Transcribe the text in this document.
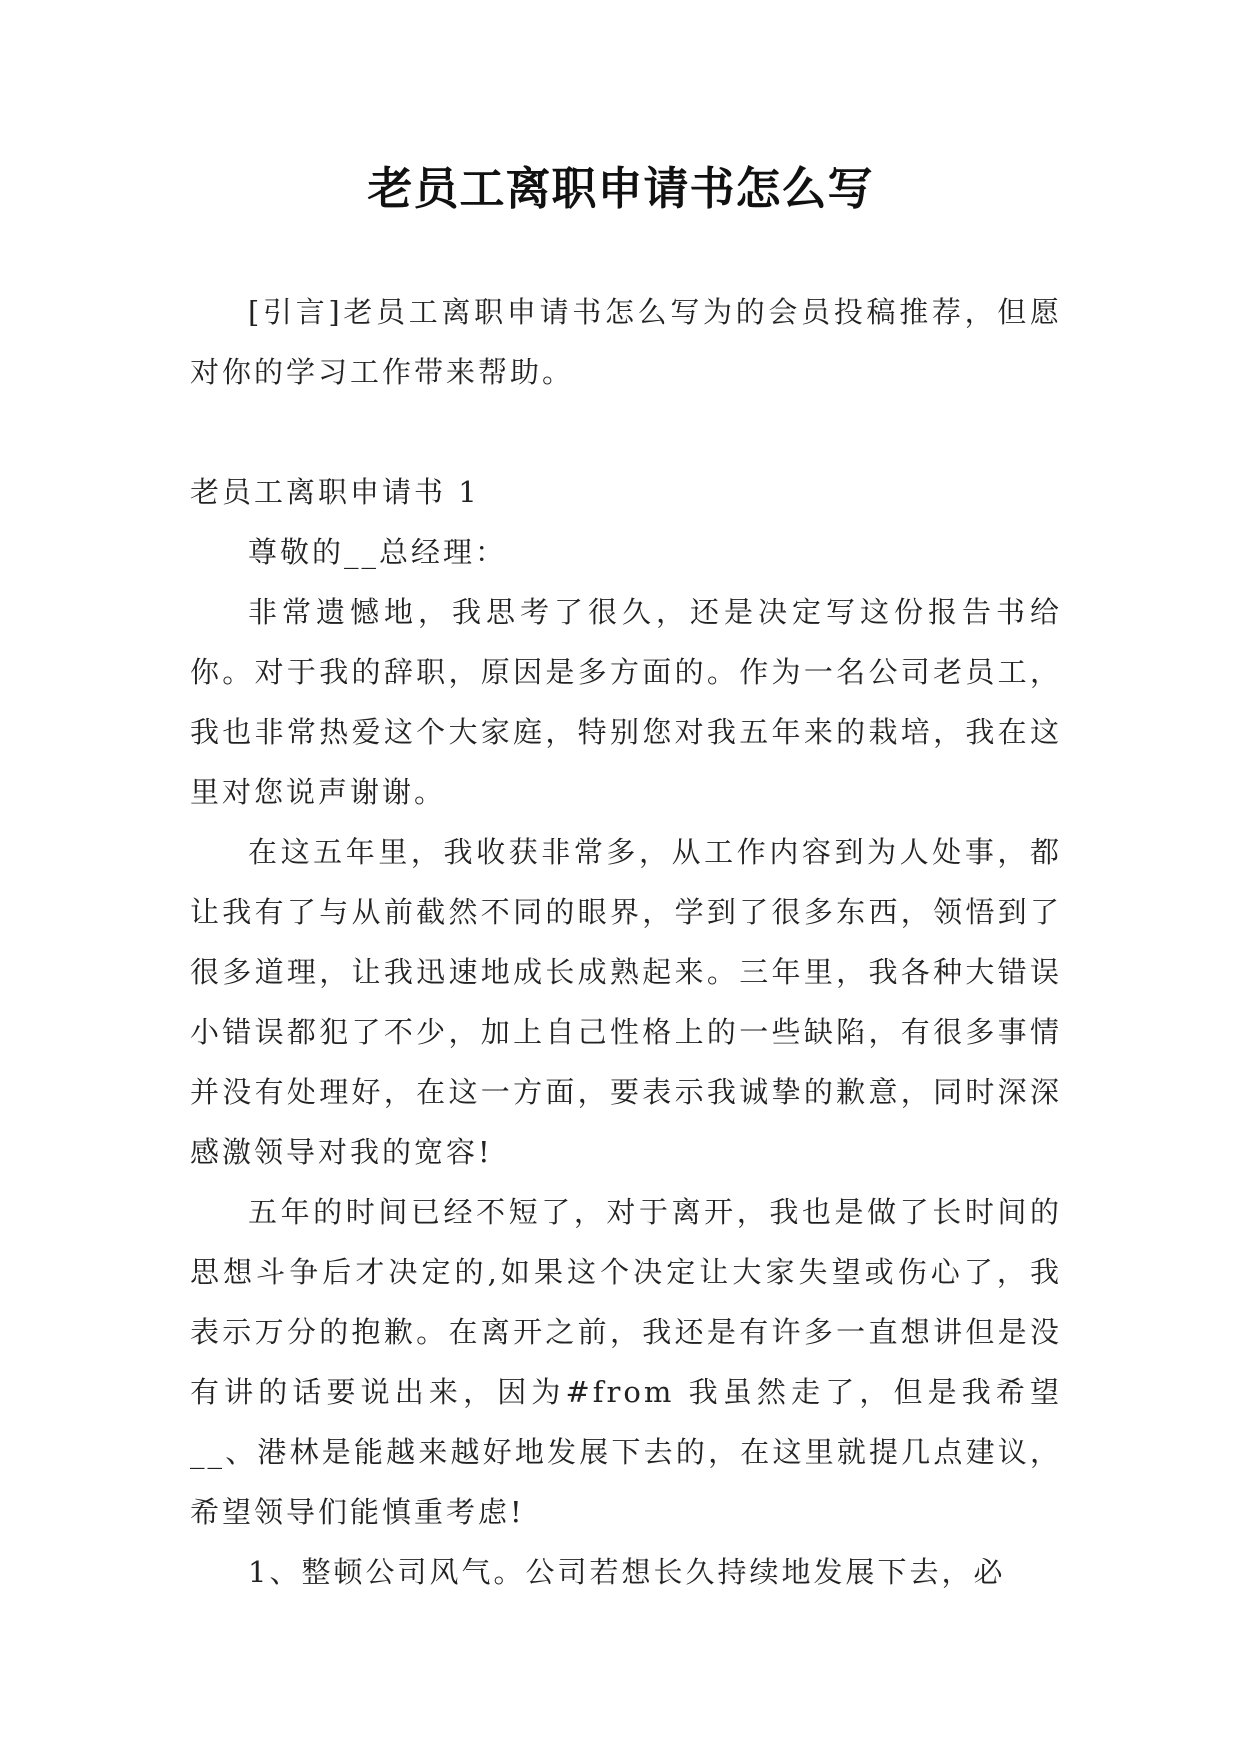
老员工离职申请书怎么写

[引言]老员工离职申请书怎么写为的会员投稿推荐，但愿对你的学习工作带来帮助。

老员工离职申请书 1

尊敬的__总经理：

非常遗憾地，我思考了很久，还是决定写这份报告书给你。对于我的辞职，原因是多方面的。作为一名公司老员工，我也非常热爱这个大家庭，特别您对我五年来的栽培，我在这里对您说声谢谢。

在这五年里，我收获非常多，从工作内容到为人处事，都让我有了与从前截然不同的眼界，学到了很多东西，领悟到了很多道理，让我迅速地成长成熟起来。三年里，我各种大错误小错误都犯了不少，加上自己性格上的一些缺陷，有很多事情并没有处理好，在这一方面，要表示我诚挚的歉意，同时深深感激领导对我的宽容!

五年的时间已经不短了，对于离开，我也是做了长时间的思想斗争后才决定的,如果这个决定让大家失望或伤心了，我表示万分的抱歉。在离开之前，我还是有许多一直想讲但是没有讲的话要说出来，因为#from 我虽然走了，但是我希望__、港林是能越来越好地发展下去的，在这里就提几点建议，希望领导们能慎重考虑!

1、整顿公司风气。公司若想长久持续地发展下去，必
